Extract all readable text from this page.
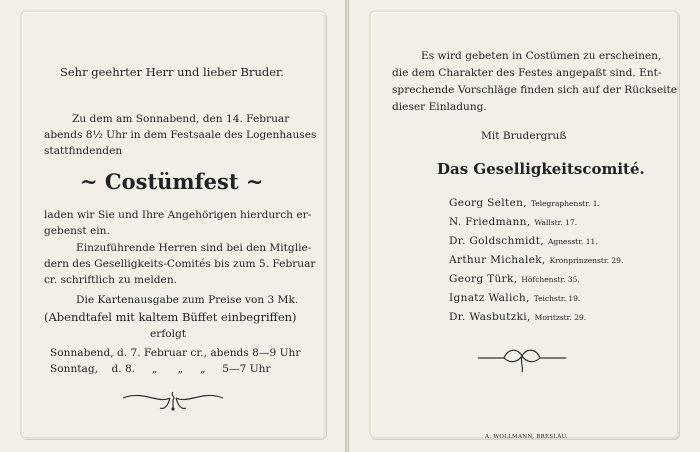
Sehr geehrter Herr und lieber Bruder.
Zu dem am Sonnabend, den 14. Februar
abends 8½ Uhr in dem Festsaale des Logenhauses
stattfindenden
~ Costümfest ~
laden wir Sie und Ihre Angehörigen hierdurch er-
gebenst ein.
Einzuführende Herren sind bei den Mitglie-
dern des Geselligkeits-Comités bis zum 5. Februar
cr. schriftlich zu melden.
Die Kartenausgabe zum Preise von 3 Mk.
(Abendtafel mit kaltem Büffet einbegriffen)
erfolgt
Sonnabend, d. 7. Februar cr., abends 8—9 Uhr
Sonntag,    d. 8.     „      „     „     5—7 Uhr
Es wird gebeten in Costümen zu erscheinen,
die dem Charakter des Festes angepaßt sind. Ent-
sprechende Vorschläge finden sich auf der Rückseite
dieser Einladung.
Mit Brudergruß
Das Geselligkeitscomité.
Georg Selten, Telegraphenstr. 1.
N. Friedmann, Wallstr. 17.
Dr. Goldschmidt, Agnesstr. 11.
Arthur Michalek, Kronprinzenstr. 29.
Georg Türk, Höfchenstr. 35.
Ignatz Walich, Teichstr. 19.
Dr. Wasbutzki, Moritzstr. 29.
A. WOLLMANN, BRESLAU.
